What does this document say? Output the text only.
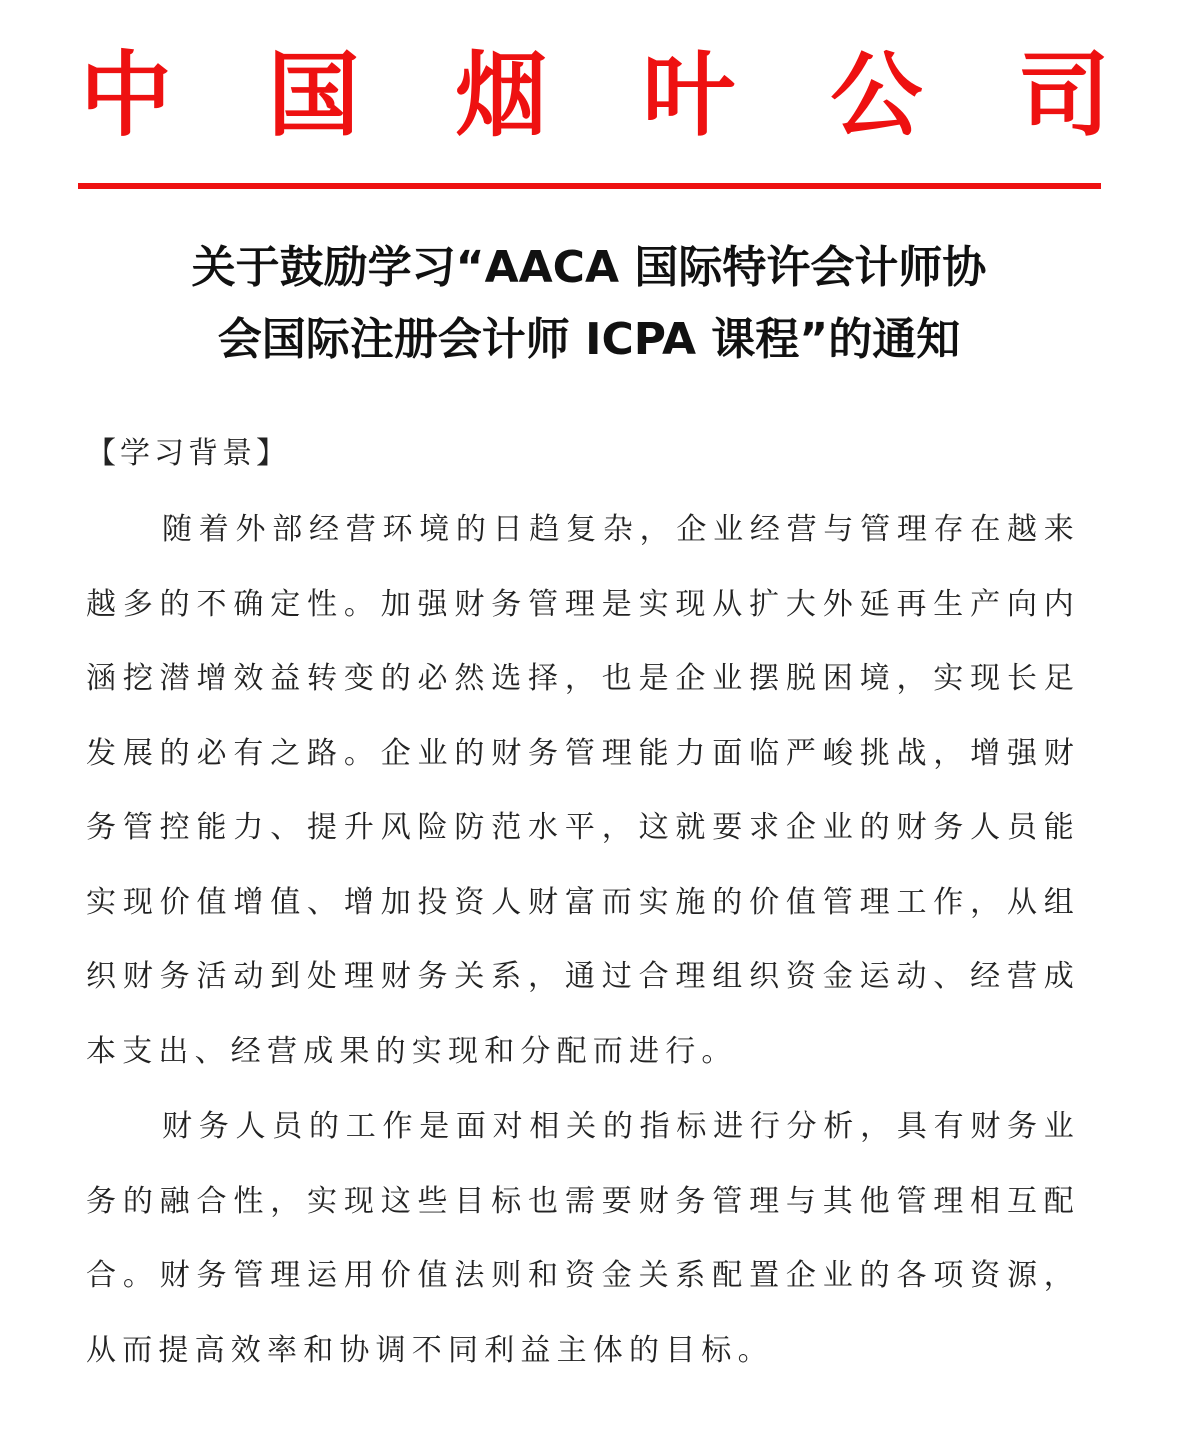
中 国 烟 叶 公 司
关于鼓励学习“AACA 国际特许会计师协
会国际注册会计师 ICPA 课程”的通知
【学习背景】

随着外部经营环境的日趋复杂，企业经营与管理存在越来越多的不确定性。加强财务管理是实现从扩大外延再生产向内涵挖潜增效益转变的必然选择，也是企业摆脱困境，实现长足发展的必有之路。企业的财务管理能力面临严峻挑战，增强财务管控能力、提升风险防范水平，这就要求企业的财务人员能实现价值增值、增加投资人财富而实施的价值管理工作，从组织财务活动到处理财务关系，通过合理组织资金运动、经营成本支出、经营成果的实现和分配而进行。

财务人员的工作是面对相关的指标进行分析，具有财务业务的融合性，实现这些目标也需要财务管理与其他管理相互配合。财务管理运用价值法则和资金关系配置企业的各项资源，从而提高效率和协调不同利益主体的目标。
